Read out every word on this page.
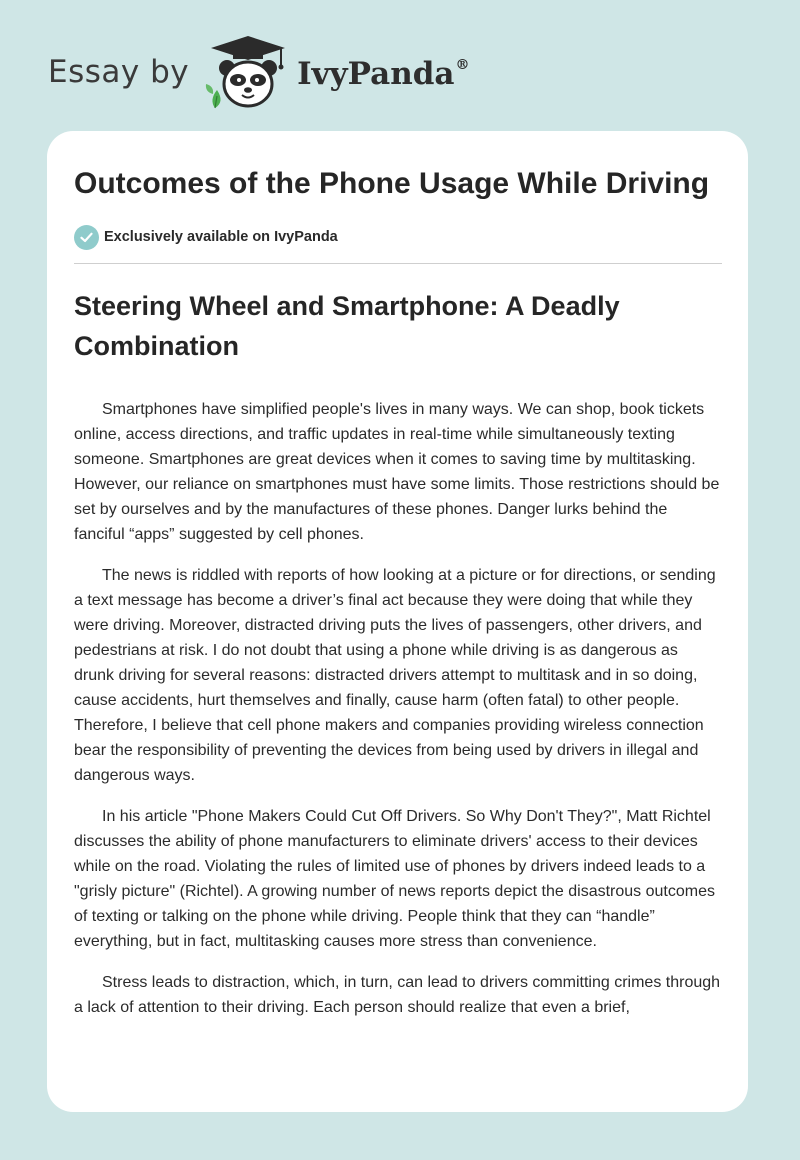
Essay by	IvyPanda®
Outcomes of the Phone Usage While Driving
Exclusively available on IvyPanda
Steering Wheel and Smartphone: A Deadly Combination

Smartphones have simplified people's lives in many ways. We can shop, book tickets online, access directions, and traffic updates in real-time while simultaneously texting someone. Smartphones are great devices when it comes to saving time by multitasking. However, our reliance on smartphones must have some limits. Those restrictions should be set by ourselves and by the manufactures of these phones. Danger lurks behind the fanciful “apps” suggested by cell phones.

The news is riddled with reports of how looking at a picture or for directions, or sending a text message has become a driver’s final act because they were doing that while they were driving. Moreover, distracted driving puts the lives of passengers, other drivers, and pedestrians at risk. I do not doubt that using a phone while driving is as dangerous as drunk driving for several reasons: distracted drivers attempt to multitask and in so doing, cause accidents, hurt themselves and finally, cause harm (often fatal) to other people. Therefore, I believe that cell phone makers and companies providing wireless connection bear the responsibility of preventing the devices from being used by drivers in illegal and dangerous ways.

In his article "Phone Makers Could Cut Off Drivers. So Why Don't They?", Matt Richtel discusses the ability of phone manufacturers to eliminate drivers' access to their devices while on the road. Violating the rules of limited use of phones by drivers indeed leads to a "grisly picture" (Richtel). A growing number of news reports depict the disastrous outcomes of texting or talking on the phone while driving. People think that they can “handle” everything, but in fact, multitasking causes more stress than convenience.

Stress leads to distraction, which, in turn, can lead to drivers committing crimes through a lack of attention to their driving. Each person should realize that even a brief,
